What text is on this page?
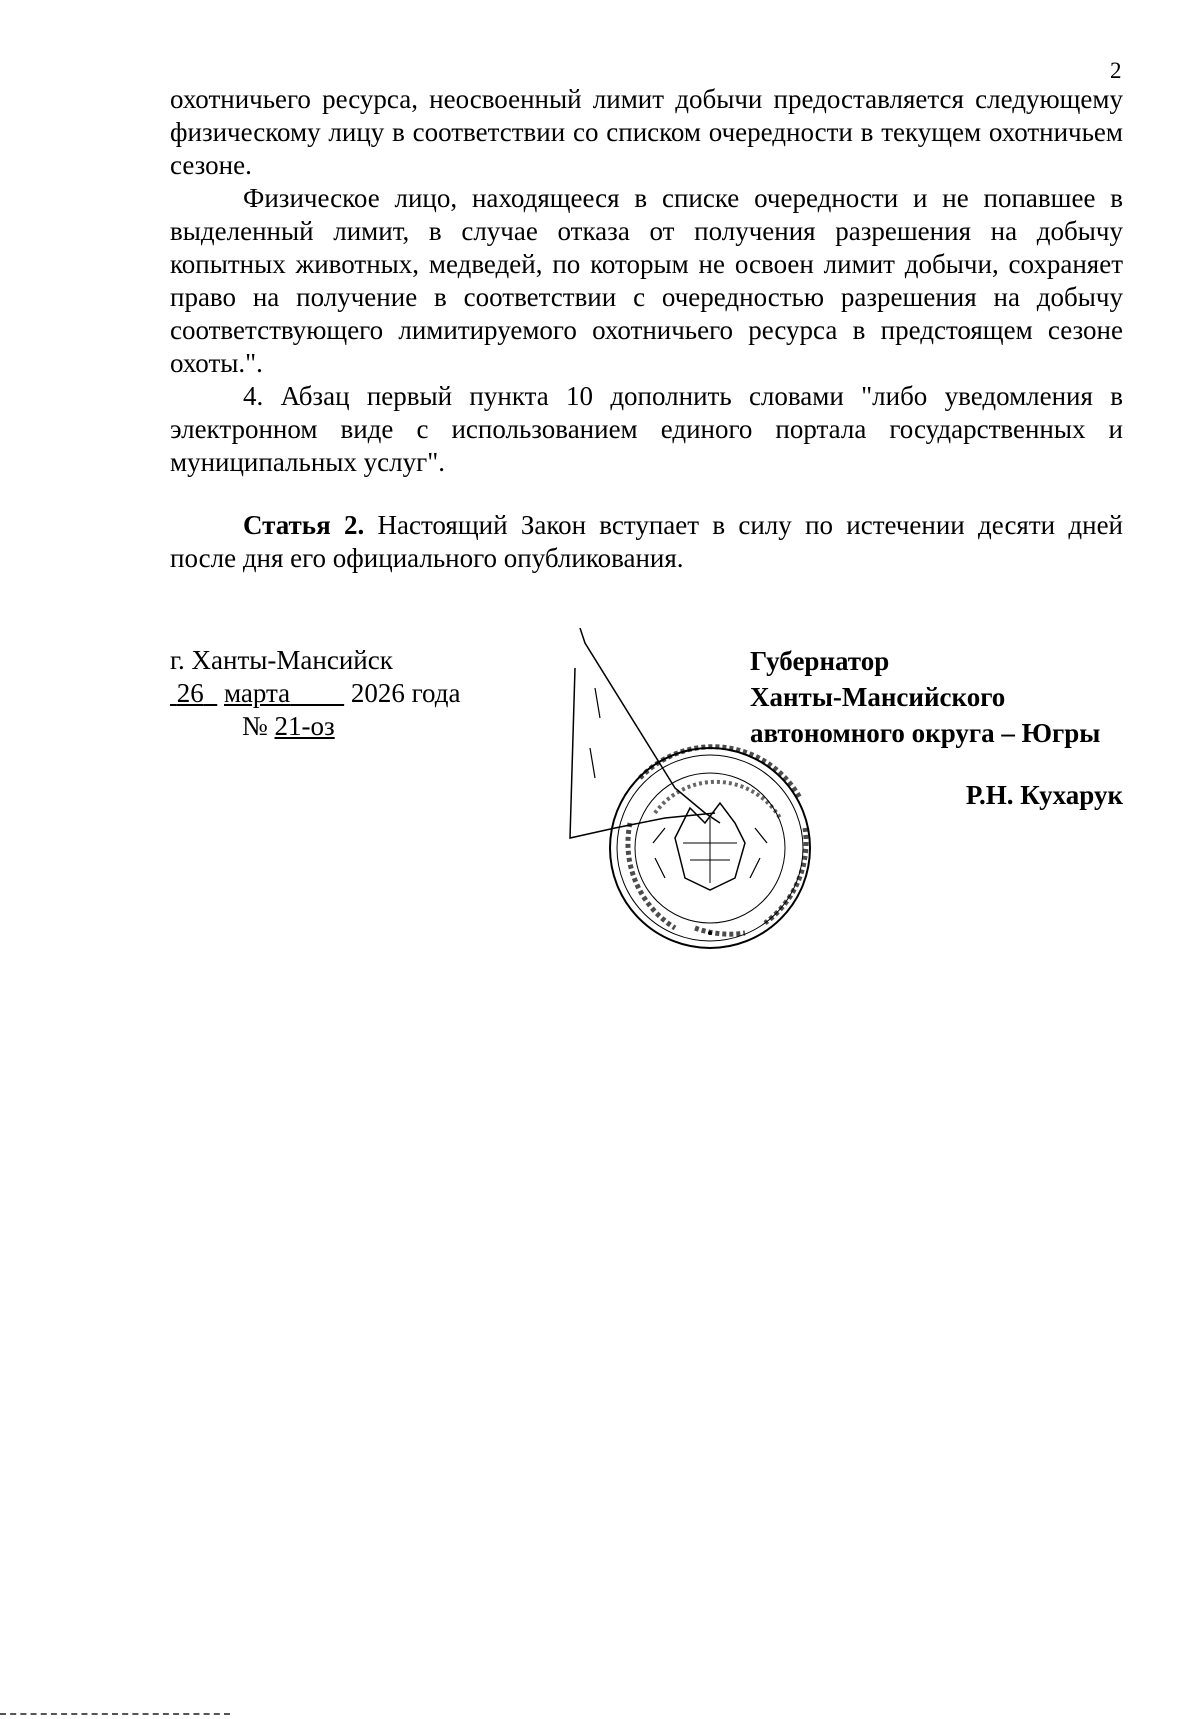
2

охотничьего ресурса, неосвоенный лимит добычи предоставляется следующему физическому лицу в соответствии со списком очередности в текущем охотничьем сезоне.

Физическое лицо, находящееся в списке очередности и не попавшее в выделенный лимит, в случае отказа от получения разрешения на добычу копытных животных, медведей, по которым не освоен лимит добычи, сохраняет право на получение в соответствии с очередностью разрешения на добычу соответствующего лимитируемого охотничьего ресурса в предстоящем сезоне охоты.".

4. Абзац первый пункта 10 дополнить словами "либо уведомления в электронном виде с использованием единого портала государственных и муниципальных услуг".

Статья 2. Настоящий Закон вступает в силу по истечении десяти дней после дня его официального опубликования.

г. Ханты-Мансийск
26 марта 2026 года
№ 21-оз
Губернатор
Ханты-Мансийского
автономного округа – Югры
Р.Н. Кухарук
